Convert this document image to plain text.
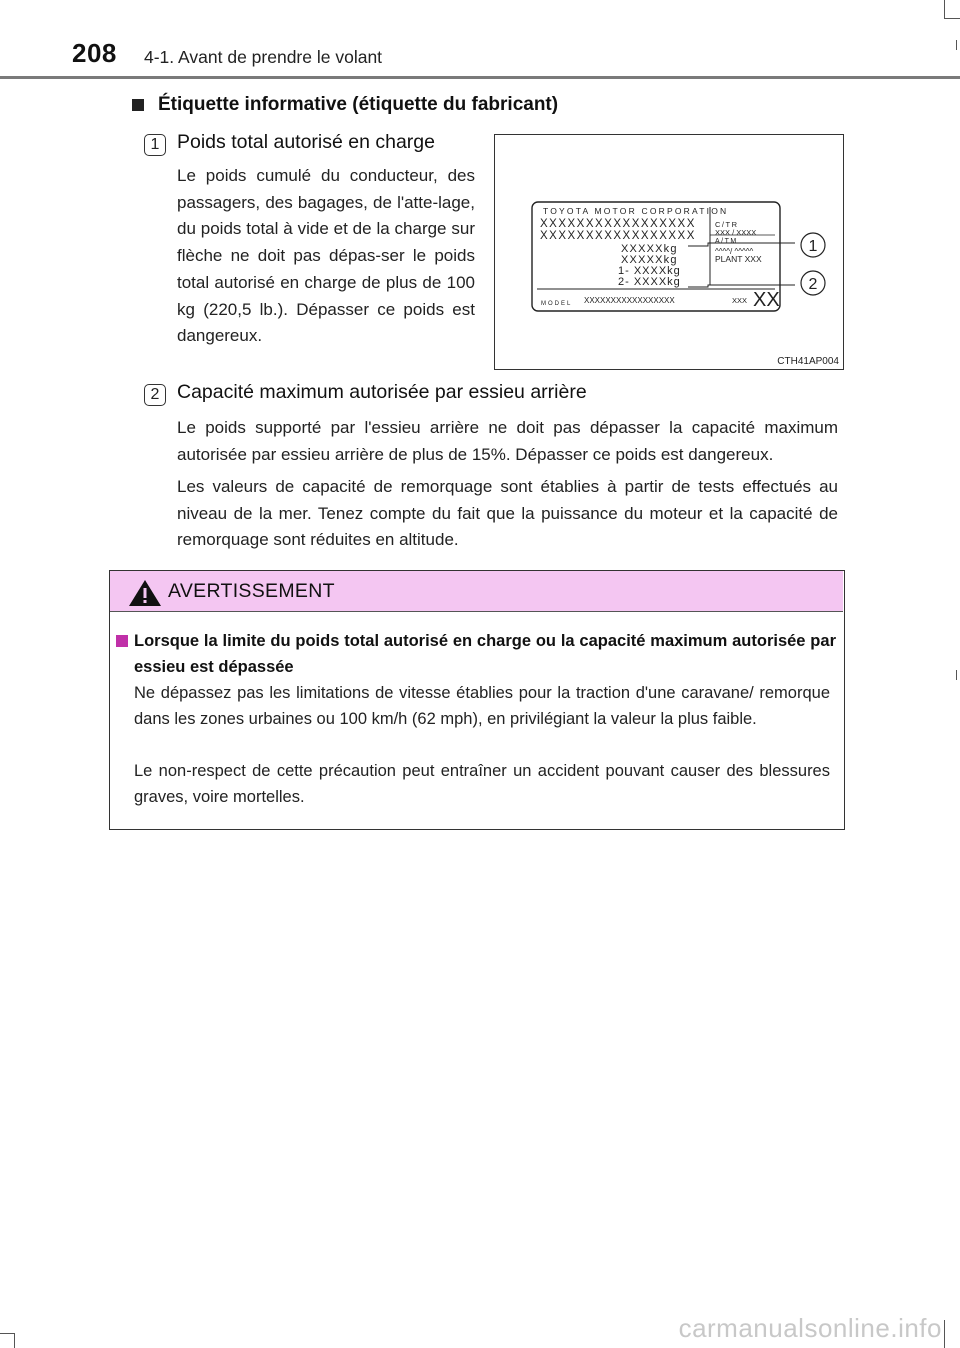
208 4-1. Avant de prendre le volant
Étiquette informative (étiquette du fabricant)
1 Poids total autorisé en charge
Le poids cumulé du conducteur, des passagers, des bagages, de l'atte-lage, du poids total à vide et de la charge sur flèche ne doit pas dépas-ser le poids total autorisé en charge de plus de 100 kg (220,5 lb.). Dépasser ce poids est dangereux.
TOYOTA MOTOR CORPORATION
XXXXXXXXXXXXXXXXX
XXXXXXXXXXXXXXXXX
XXXXXkg
XXXXXkg
1- XXXXkg
2- XXXXkg
C/TR
XXX / XXXX
A/TM
^^^^/ ^^^^^
PLANT XXX
MODEL XXXXXXXXXXXXXXXXX	XXX XX
1
2
CTH41AP004
2 Capacité maximum autorisée par essieu arrière
Le poids supporté par l'essieu arrière ne doit pas dépasser la capacité maximum autorisée par essieu arrière de plus de 15%. Dépasser ce poids est dangereux.
Les valeurs de capacité de remorquage sont établies à partir de tests effectués au niveau de la mer. Tenez compte du fait que la puissance du moteur et la capacité de remorquage sont réduites en altitude.
AVERTISSEMENT
Lorsque la limite du poids total autorisé en charge ou la capacité maximum autorisée par essieu est dépassée
Ne dépassez pas les limitations de vitesse établies pour la traction d'une caravane/ remorque dans les zones urbaines ou 100 km/h (62 mph), en privilégiant la valeur la plus faible.
Le non-respect de cette précaution peut entraîner un accident pouvant causer des blessures graves, voire mortelles.
carmanualsonline.info
